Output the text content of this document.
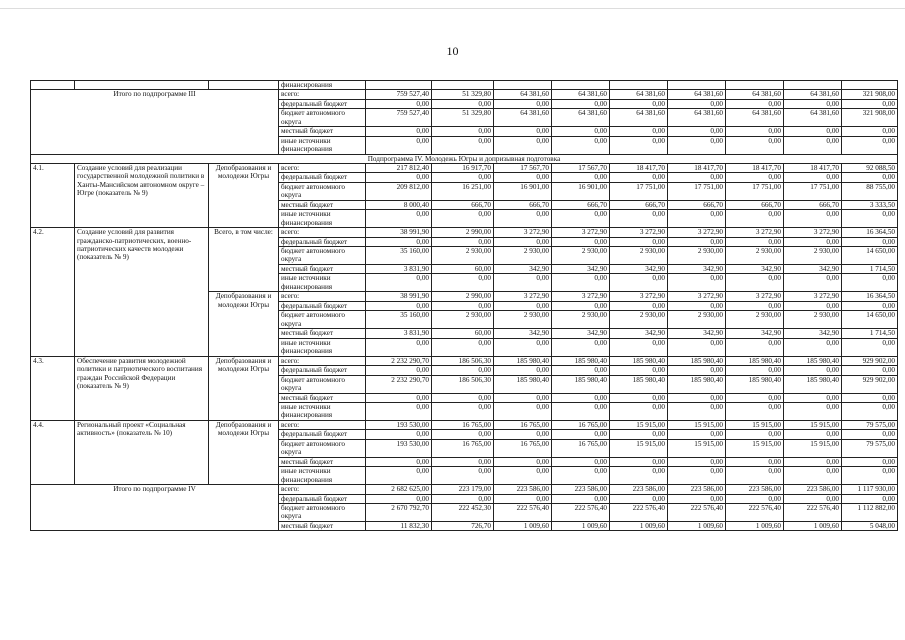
10
			финансирования									
Итого по подпрограмме III			всего:	759 527,40	51 329,80	64 381,60	64 381,60	64 381,60	64 381,60	64 381,60	64 381,60	321 908,00
			федеральный бюджет	0,00	0,00	0,00	0,00	0,00	0,00	0,00	0,00	0,00
			бюджет автономного округа	759 527,40	51 329,80	64 381,60	64 381,60	64 381,60	64 381,60	64 381,60	64 381,60	321 908,00
			местный бюджет	0,00	0,00	0,00	0,00	0,00	0,00	0,00	0,00	0,00
			иные источники финансирования	0,00	0,00	0,00	0,00	0,00	0,00	0,00	0,00	0,00
Подпрограмма IV. Молодежь Югры и допризывная подготовка												
4.1.	Создание условий для реализации государственной молодежной политики в Ханты-Мансийском автономном округе – Югре (показатель № 9)	Депобразования и молодежи Югры	всего:	217 812,40	16 917,70	17 567,70	17 567,70	18 417,70	18 417,70	18 417,70	18 417,70	92 088,50
			федеральный бюджет	0,00	0,00	0,00	0,00	0,00	0,00	0,00	0,00	0,00
			бюджет автономного округа	209 812,00	16 251,00	16 901,00	16 901,00	17 751,00	17 751,00	17 751,00	17 751,00	88 755,00
			местный бюджет	8 000,40	666,70	666,70	666,70	666,70	666,70	666,70	666,70	3 333,50
			иные источники финансирования	0,00	0,00	0,00	0,00	0,00	0,00	0,00	0,00	0,00
4.2.	Создание условий для развития гражданско-патриотических, военно-патриотических качеств молодежи (показатель № 9)	Всего, в том числе:	всего:	38 991,90	2 990,00	3 272,90	3 272,90	3 272,90	3 272,90	3 272,90	3 272,90	16 364,50
			федеральный бюджет	0,00	0,00	0,00	0,00	0,00	0,00	0,00	0,00	0,00
			бюджет автономного округа	35 160,00	2 930,00	2 930,00	2 930,00	2 930,00	2 930,00	2 930,00	2 930,00	14 650,00
			местный бюджет	3 831,90	60,00	342,90	342,90	342,90	342,90	342,90	342,90	1 714,50
			иные источники финансирования	0,00	0,00	0,00	0,00	0,00	0,00	0,00	0,00	0,00
		Депобразования и молодежи Югры	всего:	38 991,90	2 990,00	3 272,90	3 272,90	3 272,90	3 272,90	3 272,90	3 272,90	16 364,50
			федеральный бюджет	0,00	0,00	0,00	0,00	0,00	0,00	0,00	0,00	0,00
			бюджет автономного округа	35 160,00	2 930,00	2 930,00	2 930,00	2 930,00	2 930,00	2 930,00	2 930,00	14 650,00
			местный бюджет	3 831,90	60,00	342,90	342,90	342,90	342,90	342,90	342,90	1 714,50
			иные источники финансирования	0,00	0,00	0,00	0,00	0,00	0,00	0,00	0,00	0,00
4.3.	Обеспечение развития молодежной политики и патриотического воспитания граждан Российской Федерации (показатель № 9)	Депобразования и молодежи Югры	всего:	2 232 290,70	186 506,30	185 980,40	185 980,40	185 980,40	185 980,40	185 980,40	185 980,40	929 902,00
			федеральный бюджет	0,00	0,00	0,00	0,00	0,00	0,00	0,00	0,00	0,00
			бюджет автономного округа	2 232 290,70	186 506,30	185 980,40	185 980,40	185 980,40	185 980,40	185 980,40	185 980,40	929 902,00
			местный бюджет	0,00	0,00	0,00	0,00	0,00	0,00	0,00	0,00	0,00
			иные источники финансирования	0,00	0,00	0,00	0,00	0,00	0,00	0,00	0,00	0,00
4.4.	Региональный проект «Социальная активность» (показатель № 10)	Депобразования и молодежи Югры	всего:	193 530,00	16 765,00	16 765,00	16 765,00	15 915,00	15 915,00	15 915,00	15 915,00	79 575,00
			федеральный бюджет	0,00	0,00	0,00	0,00	0,00	0,00	0,00	0,00	0,00
			бюджет автономного округа	193 530,00	16 765,00	16 765,00	16 765,00	15 915,00	15 915,00	15 915,00	15 915,00	79 575,00
			местный бюджет	0,00	0,00	0,00	0,00	0,00	0,00	0,00	0,00	0,00
			иные источники финансирования	0,00	0,00	0,00	0,00	0,00	0,00	0,00	0,00	0,00
Итого по подпрограмме IV			всего:	2 682 625,00	223 179,00	223 586,00	223 586,00	223 586,00	223 586,00	223 586,00	223 586,00	1 117 930,00
			федеральный бюджет	0,00	0,00	0,00	0,00	0,00	0,00	0,00	0,00	0,00
			бюджет автономного округа	2 670 792,70	222 452,30	222 576,40	222 576,40	222 576,40	222 576,40	222 576,40	222 576,40	1 112 882,00
			местный бюджет	11 832,30	726,70	1 009,60	1 009,60	1 009,60	1 009,60	1 009,60	1 009,60	5 048,00
